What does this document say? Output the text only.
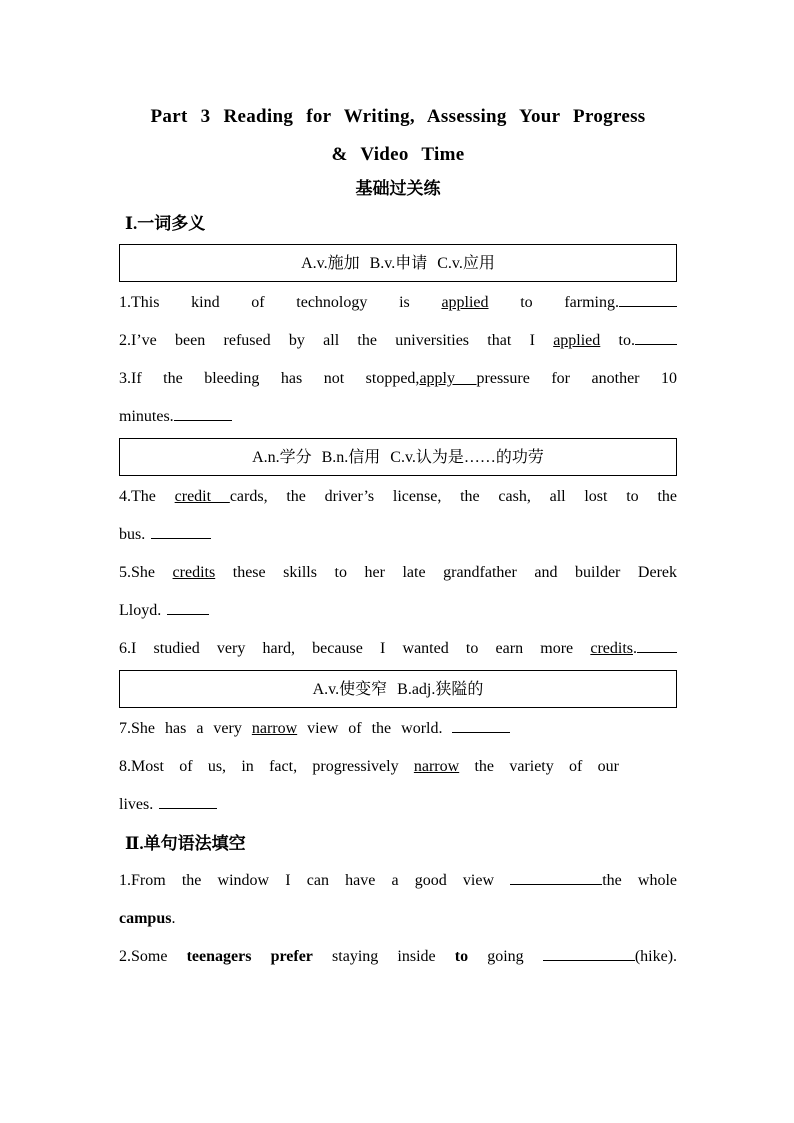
Part 3 Reading for Writing, Assessing Your Progress
& Video Time
基础过关练
Ⅰ.一词多义
A.v.施加 B.v.申请 C.v.应用
1.This kind of technology is applied to farming.
2.I’ve been refused by all the universities that I applied to.
3.If the bleeding has not stopped,apply pressure for another 10
minutes.
A.n.学分 B.n.信用 C.v.认为是……的功劳
4.The credit cards, the driver’s license, the cash, all lost to the
bus.
5.She credits these skills to her late grandfather and builder Derek
Lloyd.
6.I studied very hard, because I wanted to earn more credits.
A.v.使变窄 B.adj.狭隘的
7.She has a very narrow view of the world.
8.Most of us, in fact, progressively narrow the variety of our
lives.
Ⅱ.单句语法填空
1.From the window I can have a good view	the whole
campus.
2.Some teenagers prefer staying inside to going	(hike).
